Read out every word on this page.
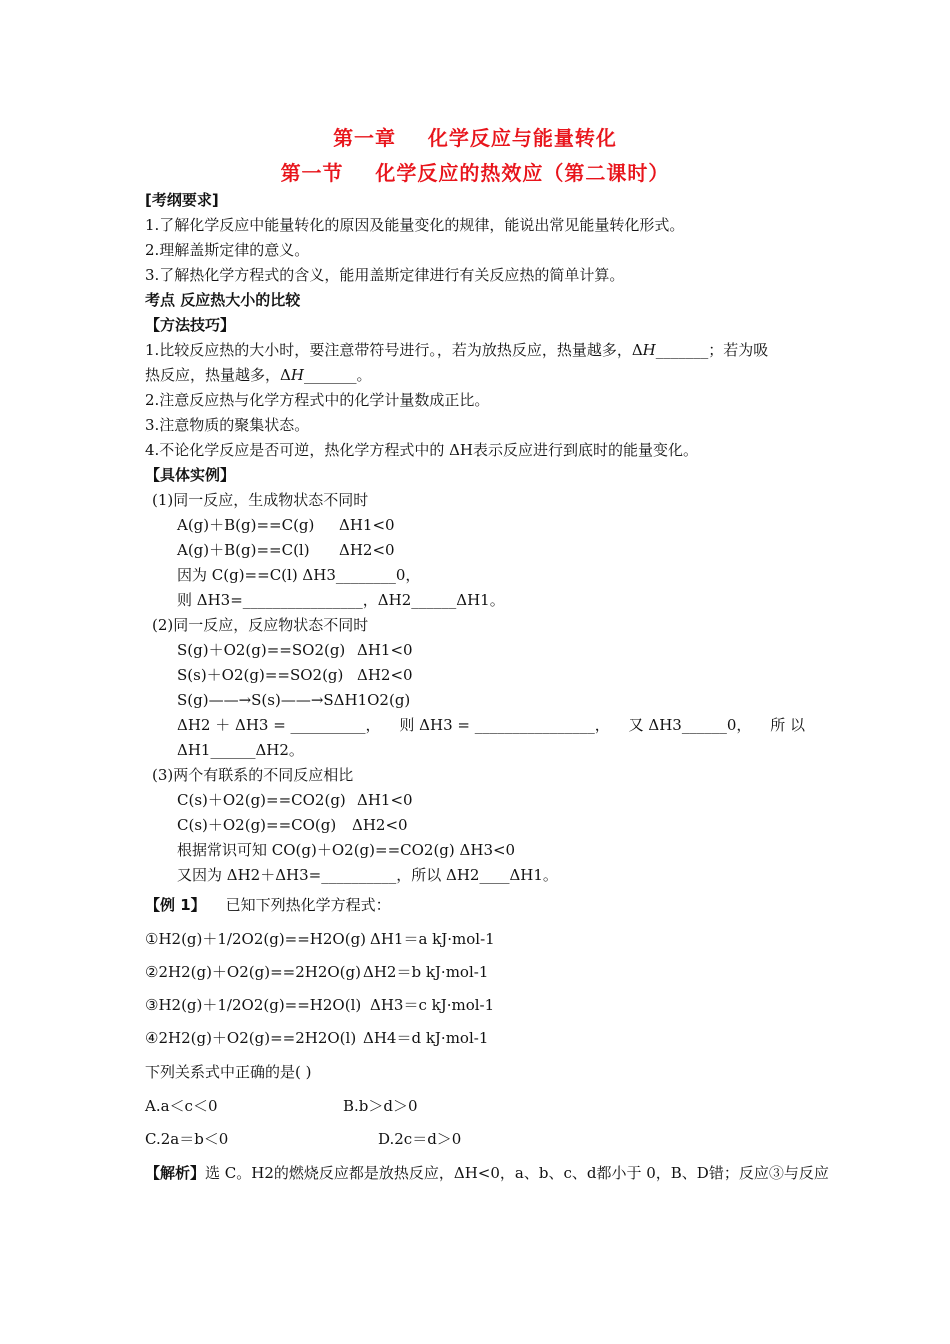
第一章    化学反应与能量转化
第一节    化学反应的热效应（第二课时）
[考纲要求]
1.了解化学反应中能量转化的原因及能量变化的规律，能说出常见能量转化形式。
2.理解盖斯定律的意义。
3.了解热化学方程式的含义，能用盖斯定律进行有关反应热的简单计算。
考点 反应热大小的比较
【方法技巧】
1.比较反应热的大小时，要注意带符号进行。，若为放热反应，热量越多，ΔH_______；若为吸
热反应，热量越多，ΔH_______。
2.注意反应热与化学方程式中的化学计量数成正比。
3.注意物质的聚集状态。
4.不论化学反应是否可逆，热化学方程式中的 ΔH表示反应进行到底时的能量变化。
【具体实例】
(1)同一反应，生成物状态不同时
A(g)＋B(g)==C(g) ΔH1<0
A(g)＋B(g)==C(l) ΔH2<0
因为 C(g)==C(l) ΔH3________0，
则 ΔH3=________________，ΔH2______ΔH1。
(2)同一反应，反应物状态不同时
S(g)＋O2(g)==SO2(g) ΔH1<0
S(s)＋O2(g)==SO2(g) ΔH2<0
S(g)——→S(s)——→SΔH1O2(g)
ΔH2 ＋ ΔH3 = __________， 则 ΔH3 = ________________， 又 ΔH3______0， 所 以
ΔH1______ΔH2。
(3)两个有联系的不同反应相比
C(s)＋O2(g)==CO2(g) ΔH1<0
C(s)＋O2(g)==CO(g) ΔH2<0
根据常识可知 CO(g)＋O2(g)==CO2(g) ΔH3<0
又因为 ΔH2＋ΔH3=__________，所以 ΔH2____ΔH1。
【例 1】 已知下列热化学方程式：
①H2(g)＋1/2O2(g)==H2O(g) ΔH1＝a kJ·mol-1
②2H2(g)＋O2(g)==2H2O(g) ΔH2＝b kJ·mol-1
③H2(g)＋1/2O2(g)==H2O(l) ΔH3＝c kJ·mol-1
④2H2(g)＋O2(g)==2H2O(l) ΔH4＝d kJ·mol-1
下列关系式中正确的是( )
A.a＜c＜0	B.b＞d＞0
C.2a＝b＜0	D.2c＝d＞0
【解析】选 C。H2的燃烧反应都是放热反应，ΔH<0，a、b、c、d都小于 0，B、D错；反应③与反应
